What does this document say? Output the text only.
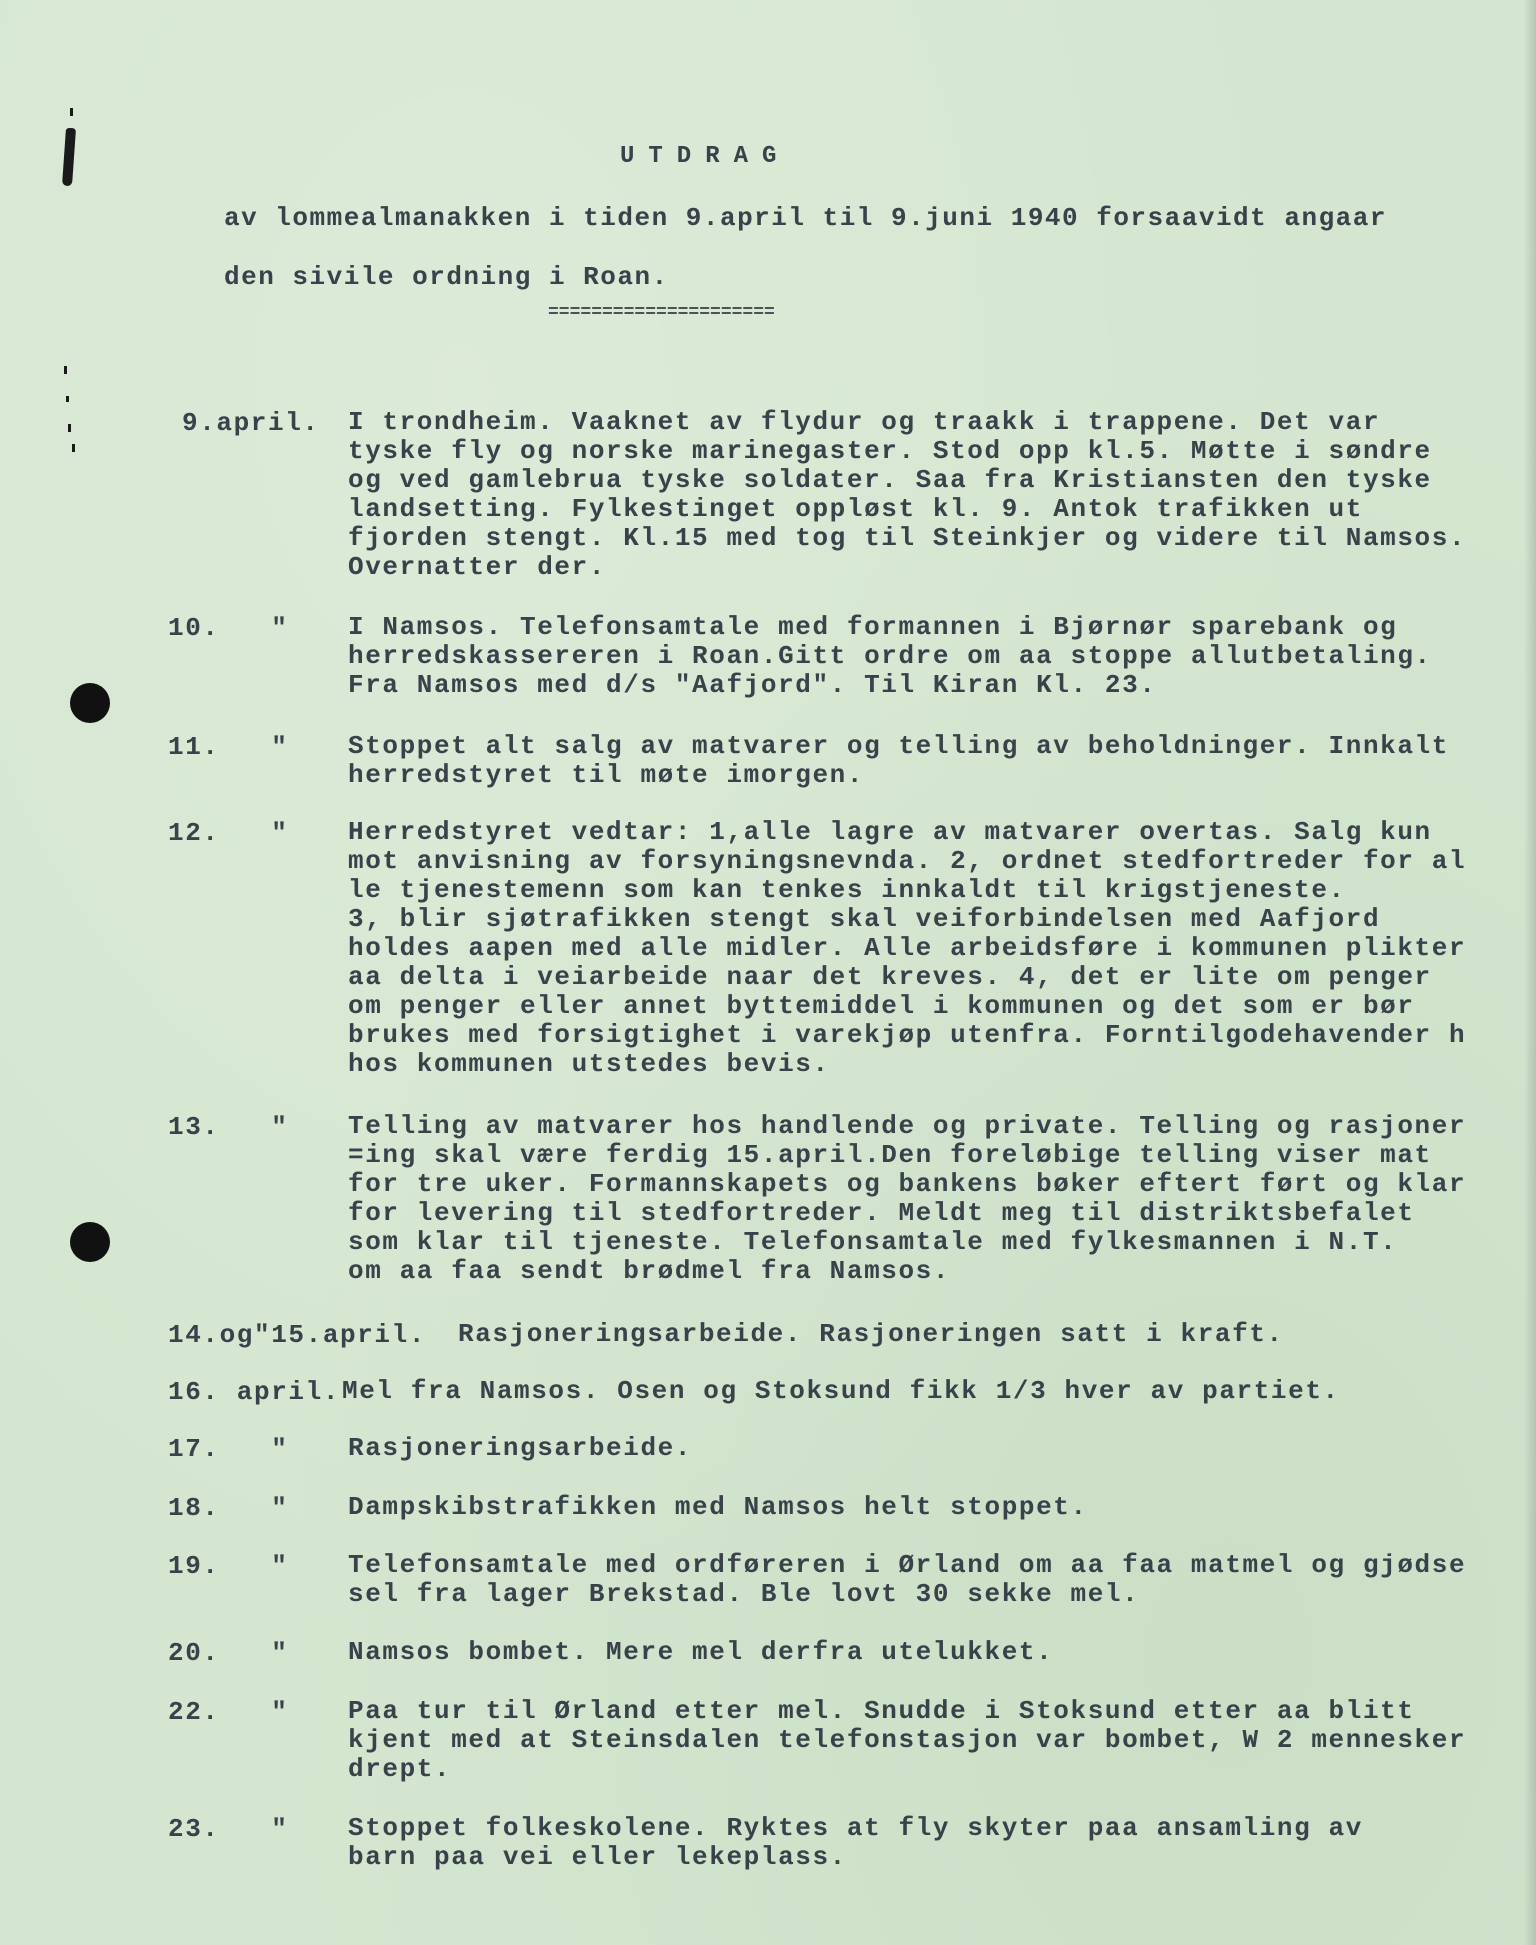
UTDRAG
av lommealmanakken i tiden 9.april til 9.juni 1940 forsaavidt angaar
den sivile ordning i Roan.
=====================
9.april. I trondheim. Vaaknet av flydur og traakk i trappene. Det var
tyske fly og norske marinegaster. Stod opp kl.5. Møtte i søndre
og ved gamlebrua tyske soldater. Saa fra Kristiansten den tyske
landsetting. Fylkestinget oppløst kl. 9. Antok trafikken ut
fjorden stengt. Kl.15 med tog til Steinkjer og videre til Namsos.
Overnatter der.
10.   " I Namsos. Telefonsamtale med formannen i Bjørnør sparebank og
herredskassereren i Roan.Gitt ordre om aa stoppe allutbetaling.
Fra Namsos med d/s "Aafjord". Til Kiran Kl. 23.
11.   " Stoppet alt salg av matvarer og telling av beholdninger. Innkalt
herredstyret til møte imorgen.
12.   " Herredstyret vedtar: 1,alle lagre av matvarer overtas. Salg kun
mot anvisning av forsyningsnevnda. 2, ordnet stedfortreder for al
le tjenestemenn som kan tenkes innkaldt til krigstjeneste.
3, blir sjøtrafikken stengt skal veiforbindelsen med Aafjord
holdes aapen med alle midler. Alle arbeidsføre i kommunen plikter
aa delta i veiarbeide naar det kreves. 4, det er lite om penger
om penger eller annet byttemiddel i kommunen og det som er bør
brukes med forsigtighet i varekjøp utenfra. Forntilgodehavender h
hos kommunen utstedes bevis.
13.   " Telling av matvarer hos handlende og private. Telling og rasjoner
=ing skal være ferdig 15.april.Den foreløbige telling viser mat
for tre uker. Formannskapets og bankens bøker eftert ført og klar
for levering til stedfortreder. Meldt meg til distriktsbefalet
som klar til tjeneste. Telefonsamtale med fylkesmannen i N.T.
om aa faa sendt brødmel fra Namsos.
14.og"15.april. Rasjoneringsarbeide. Rasjoneringen satt i kraft.
16. april. Mel fra Namsos. Osen og Stoksund fikk 1/3 hver av partiet.
17.   " Rasjoneringsarbeide.
18.   " Dampskibstrafikken med Namsos helt stoppet.
19.   " Telefonsamtale med ordføreren i Ørland om aa faa matmel og gjødse
sel fra lager Brekstad. Ble lovt 30 sekke mel.
20.   " Namsos bombet. Mere mel derfra utelukket.
22.   " Paa tur til Ørland etter mel. Snudde i Stoksund etter aa blitt
kjent med at Steinsdalen telefonstasjon var bombet, W 2 mennesker
drept.
23.   " Stoppet folkeskolene. Ryktes at fly skyter paa ansamling av
barn paa vei eller lekeplass.
